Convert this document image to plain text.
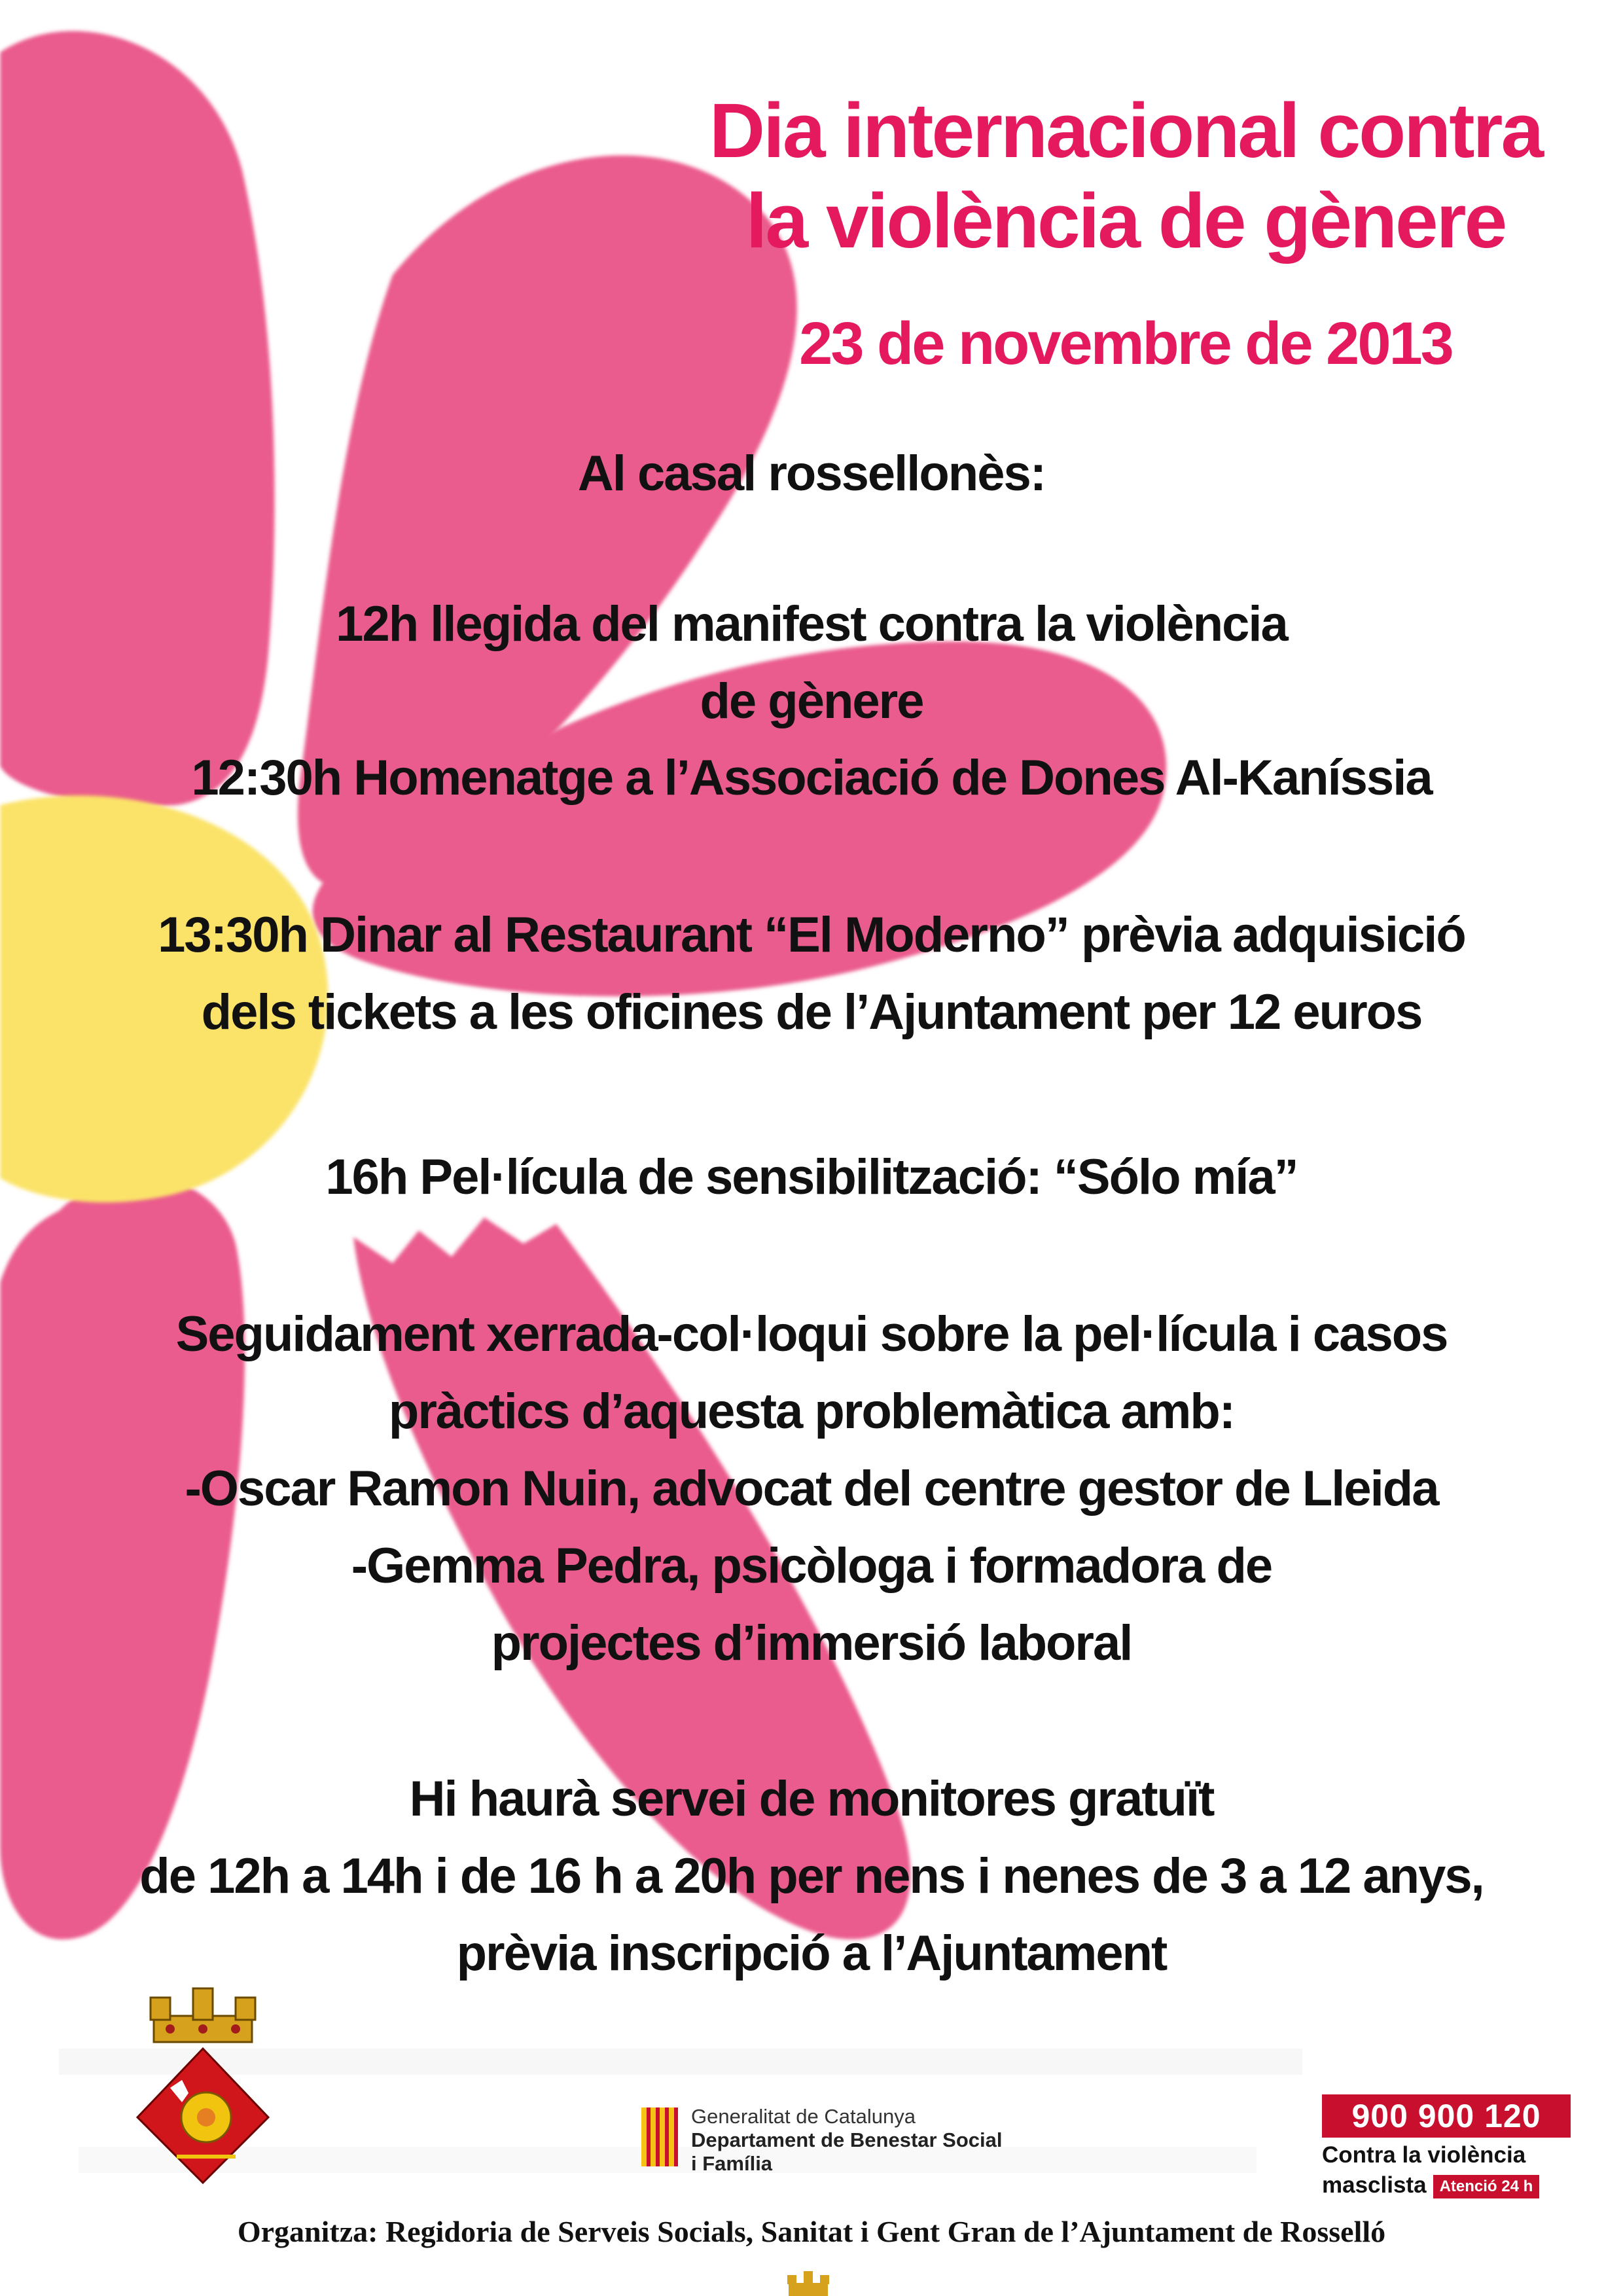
Dia internacional contra
la violència de gènere
23 de novembre de 2013
Al casal rossellonès:
12h llegida del manifest contra la violència
de gènere
12:30h Homenatge a l’Associació de Dones Al-Kaníssia
13:30h Dinar al Restaurant “El Moderno” prèvia adquisició
dels tickets a les oficines de l’Ajuntament per 12 euros
16h Pel·lícula de sensibilització: “Sólo mía”
Seguidament xerrada-col·loqui sobre la pel·lícula i casos
pràctics d’aquesta problemàtica amb:
-Oscar Ramon Nuin, advocat del centre gestor de Lleida
-Gemma Pedra, psicòloga i formadora de
projectes d’immersió laboral
Hi haurà servei de monitores gratuït
de 12h a 14h i de 16 h a 20h per nens i nenes de 3 a 12 anys,
prèvia inscripció a l’Ajuntament
Generalitat de Catalunya
Departament de Benestar Social
i Família
900 900 120
Contra la violència
masclista Atenció 24 h
Organitza: Regidoria de Serveis Socials, Sanitat i Gent Gran de l’Ajuntament de Rosselló
